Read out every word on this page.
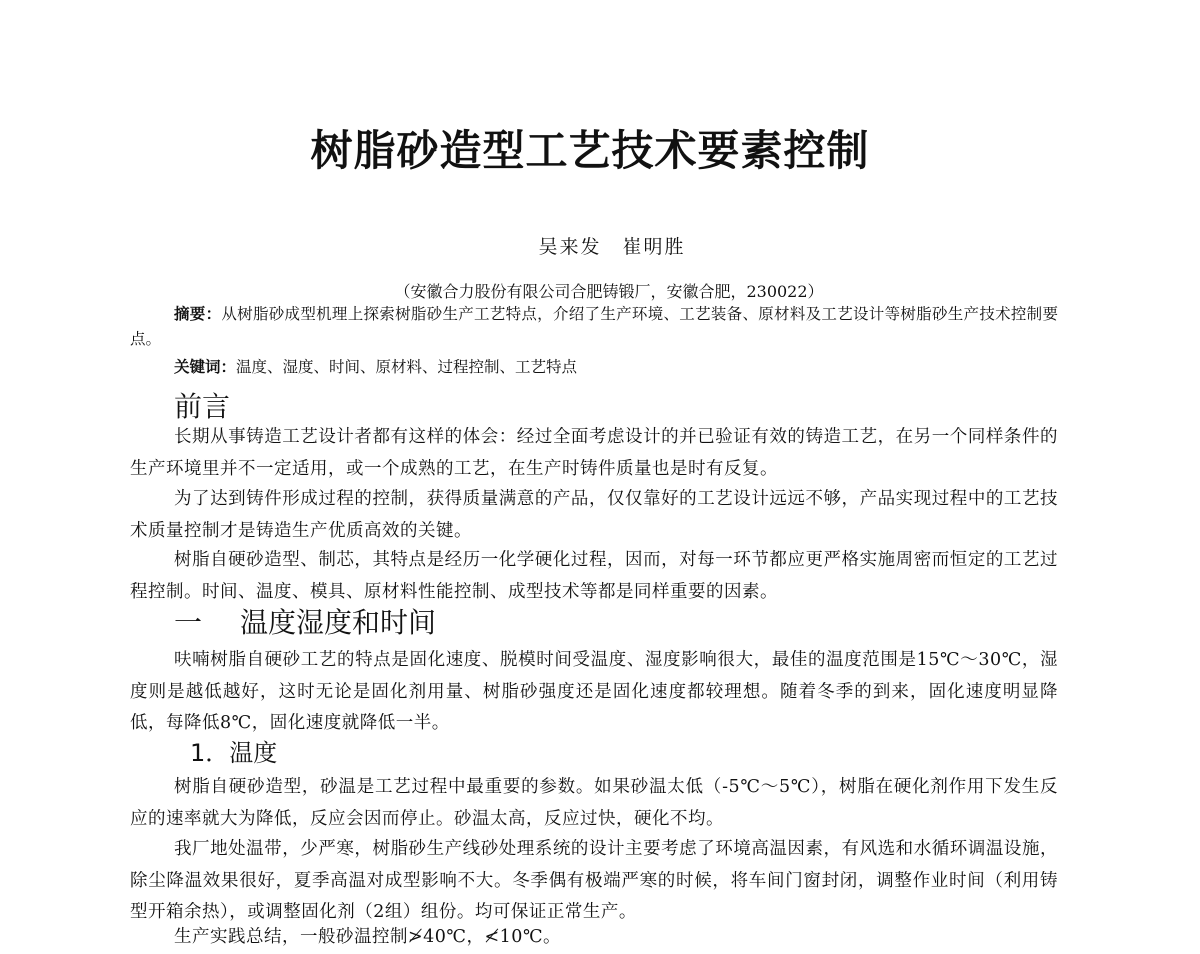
树脂砂造型工艺技术要素控制

吴来发　崔明胜

（安徽合力股份有限公司合肥铸锻厂，安徽合肥，230022）

摘要：从树脂砂成型机理上探索树脂砂生产工艺特点，介绍了生产环境、工艺装备、原材料及工艺设计等树脂砂生产技术控制要点。

关键词：温度、湿度、时间、原材料、过程控制、工艺特点

前言

长期从事铸造工艺设计者都有这样的体会：经过全面考虑设计的并已验证有效的铸造工艺，在另一个同样条件的生产环境里并不一定适用，或一个成熟的工艺，在生产时铸件质量也是时有反复。

为了达到铸件形成过程的控制，获得质量满意的产品，仅仅靠好的工艺设计远远不够，产品实现过程中的工艺技术质量控制才是铸造生产优质高效的关键。

树脂自硬砂造型、制芯，其特点是经历一化学硬化过程，因而，对每一环节都应更严格实施周密而恒定的工艺过程控制。时间、温度、模具、原材料性能控制、成型技术等都是同样重要的因素。

一 温度湿度和时间

呋喃树脂自硬砂工艺的特点是固化速度、脱模时间受温度、湿度影响很大，最佳的温度范围是15℃～30℃，湿度则是越低越好，这时无论是固化剂用量、树脂砂强度还是固化速度都较理想。随着冬季的到来，固化速度明显降低，每降低8℃，固化速度就降低一半。

1．温度

树脂自硬砂造型，砂温是工艺过程中最重要的参数。如果砂温太低（-5℃～5℃），树脂在硬化剂作用下发生反应的速率就大为降低，反应会因而停止。砂温太高，反应过快，硬化不均。

我厂地处温带，少严寒，树脂砂生产线砂处理系统的设计主要考虑了环境高温因素，有风选和水循环调温设施，除尘降温效果很好，夏季高温对成型影响不大。冬季偶有极端严寒的时候，将车间门窗封闭，调整作业时间（利用铸型开箱余热），或调整固化剂（2组）组份。均可保证正常生产。

生产实践总结，一般砂温控制≯40℃，≮10℃。
